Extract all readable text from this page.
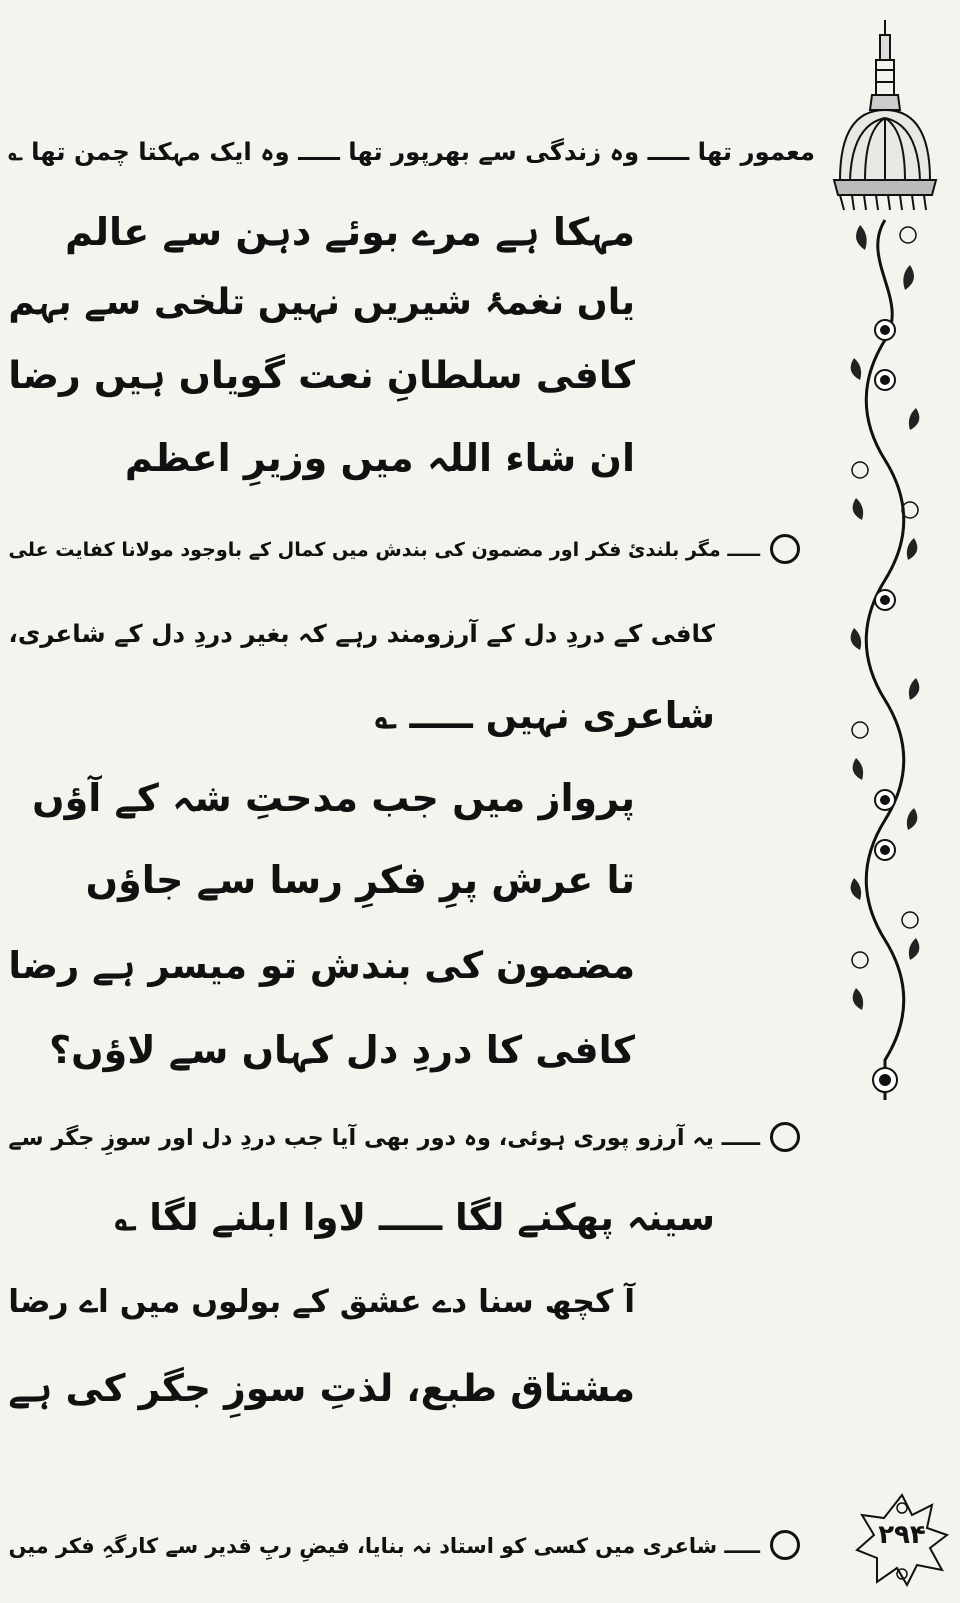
۲۹۴
معمور تھا ـــــ وہ زندگی سے بھرپور تھا ـــــ وہ ایک مہکتا چمن تھا ؎
مہکا ہے مرے بوئے دہن سے عالم
یاں نغمۂ شیریں نہیں تلخی سے بہم
کافی سلطانِ نعت گویاں ہیں رضا
ان شاء اللہ میں وزیرِ اعظم
ـــــ مگر بلندیٔ فکر اور مضمون کی بندش میں کمال کے باوجود مولانا کفایت علی
کافی کے دردِ دل کے آرزومند رہے کہ بغیر دردِ دل کے شاعری،
شاعری نہیں ـــــ ؎
پرواز میں جب مدحتِ شہ کے آؤں
تا عرش پرِ فکرِ رسا سے جاؤں
مضمون کی بندش تو میسر ہے رضا
کافی کا دردِ دل کہاں سے لاؤں؟
ـــــ یہ آرزو پوری ہوئی، وہ دور بھی آیا جب دردِ دل اور سوزِ جگر سے
سینہ پھکنے لگا ـــــ لاوا ابلنے لگا ؎
آ کچھ سنا دے عشق کے بولوں میں اے رضا
مشتاق طبع، لذتِ سوزِ جگر کی ہے
ـــــ شاعری میں کسی کو استاد نہ بنایا، فیضِ ربِ قدیر سے کارگہِ فکر میں
